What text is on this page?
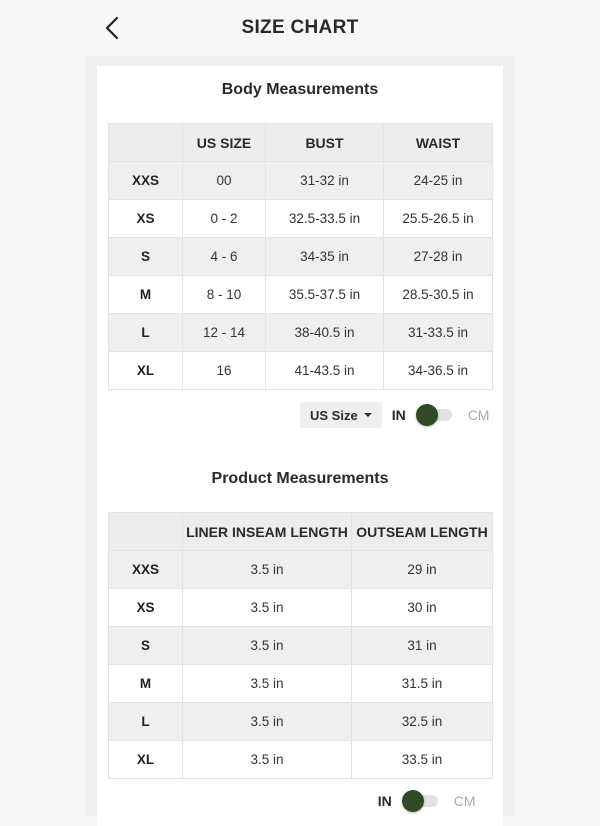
SIZE CHART
Body Measurements
	US SIZE	BUST	WAIST
XXS	00	31-32 in	24-25 in
XS	0 - 2	32.5-33.5 in	25.5-26.5 in
S	4 - 6	34-35 in	27-28 in
M	8 - 10	35.5-37.5 in	28.5-30.5 in
L	12 - 14	38-40.5 in	31-33.5 in
XL	16	41-43.5 in	34-36.5 in
US Size IN	CM
Product Measurements
	LINER INSEAM LENGTH	OUTSEAM LENGTH
XXS	3.5 in	29 in
XS	3.5 in	30 in
S	3.5 in	31 in
M	3.5 in	31.5 in
L	3.5 in	32.5 in
XL	3.5 in	33.5 in
IN	CM
